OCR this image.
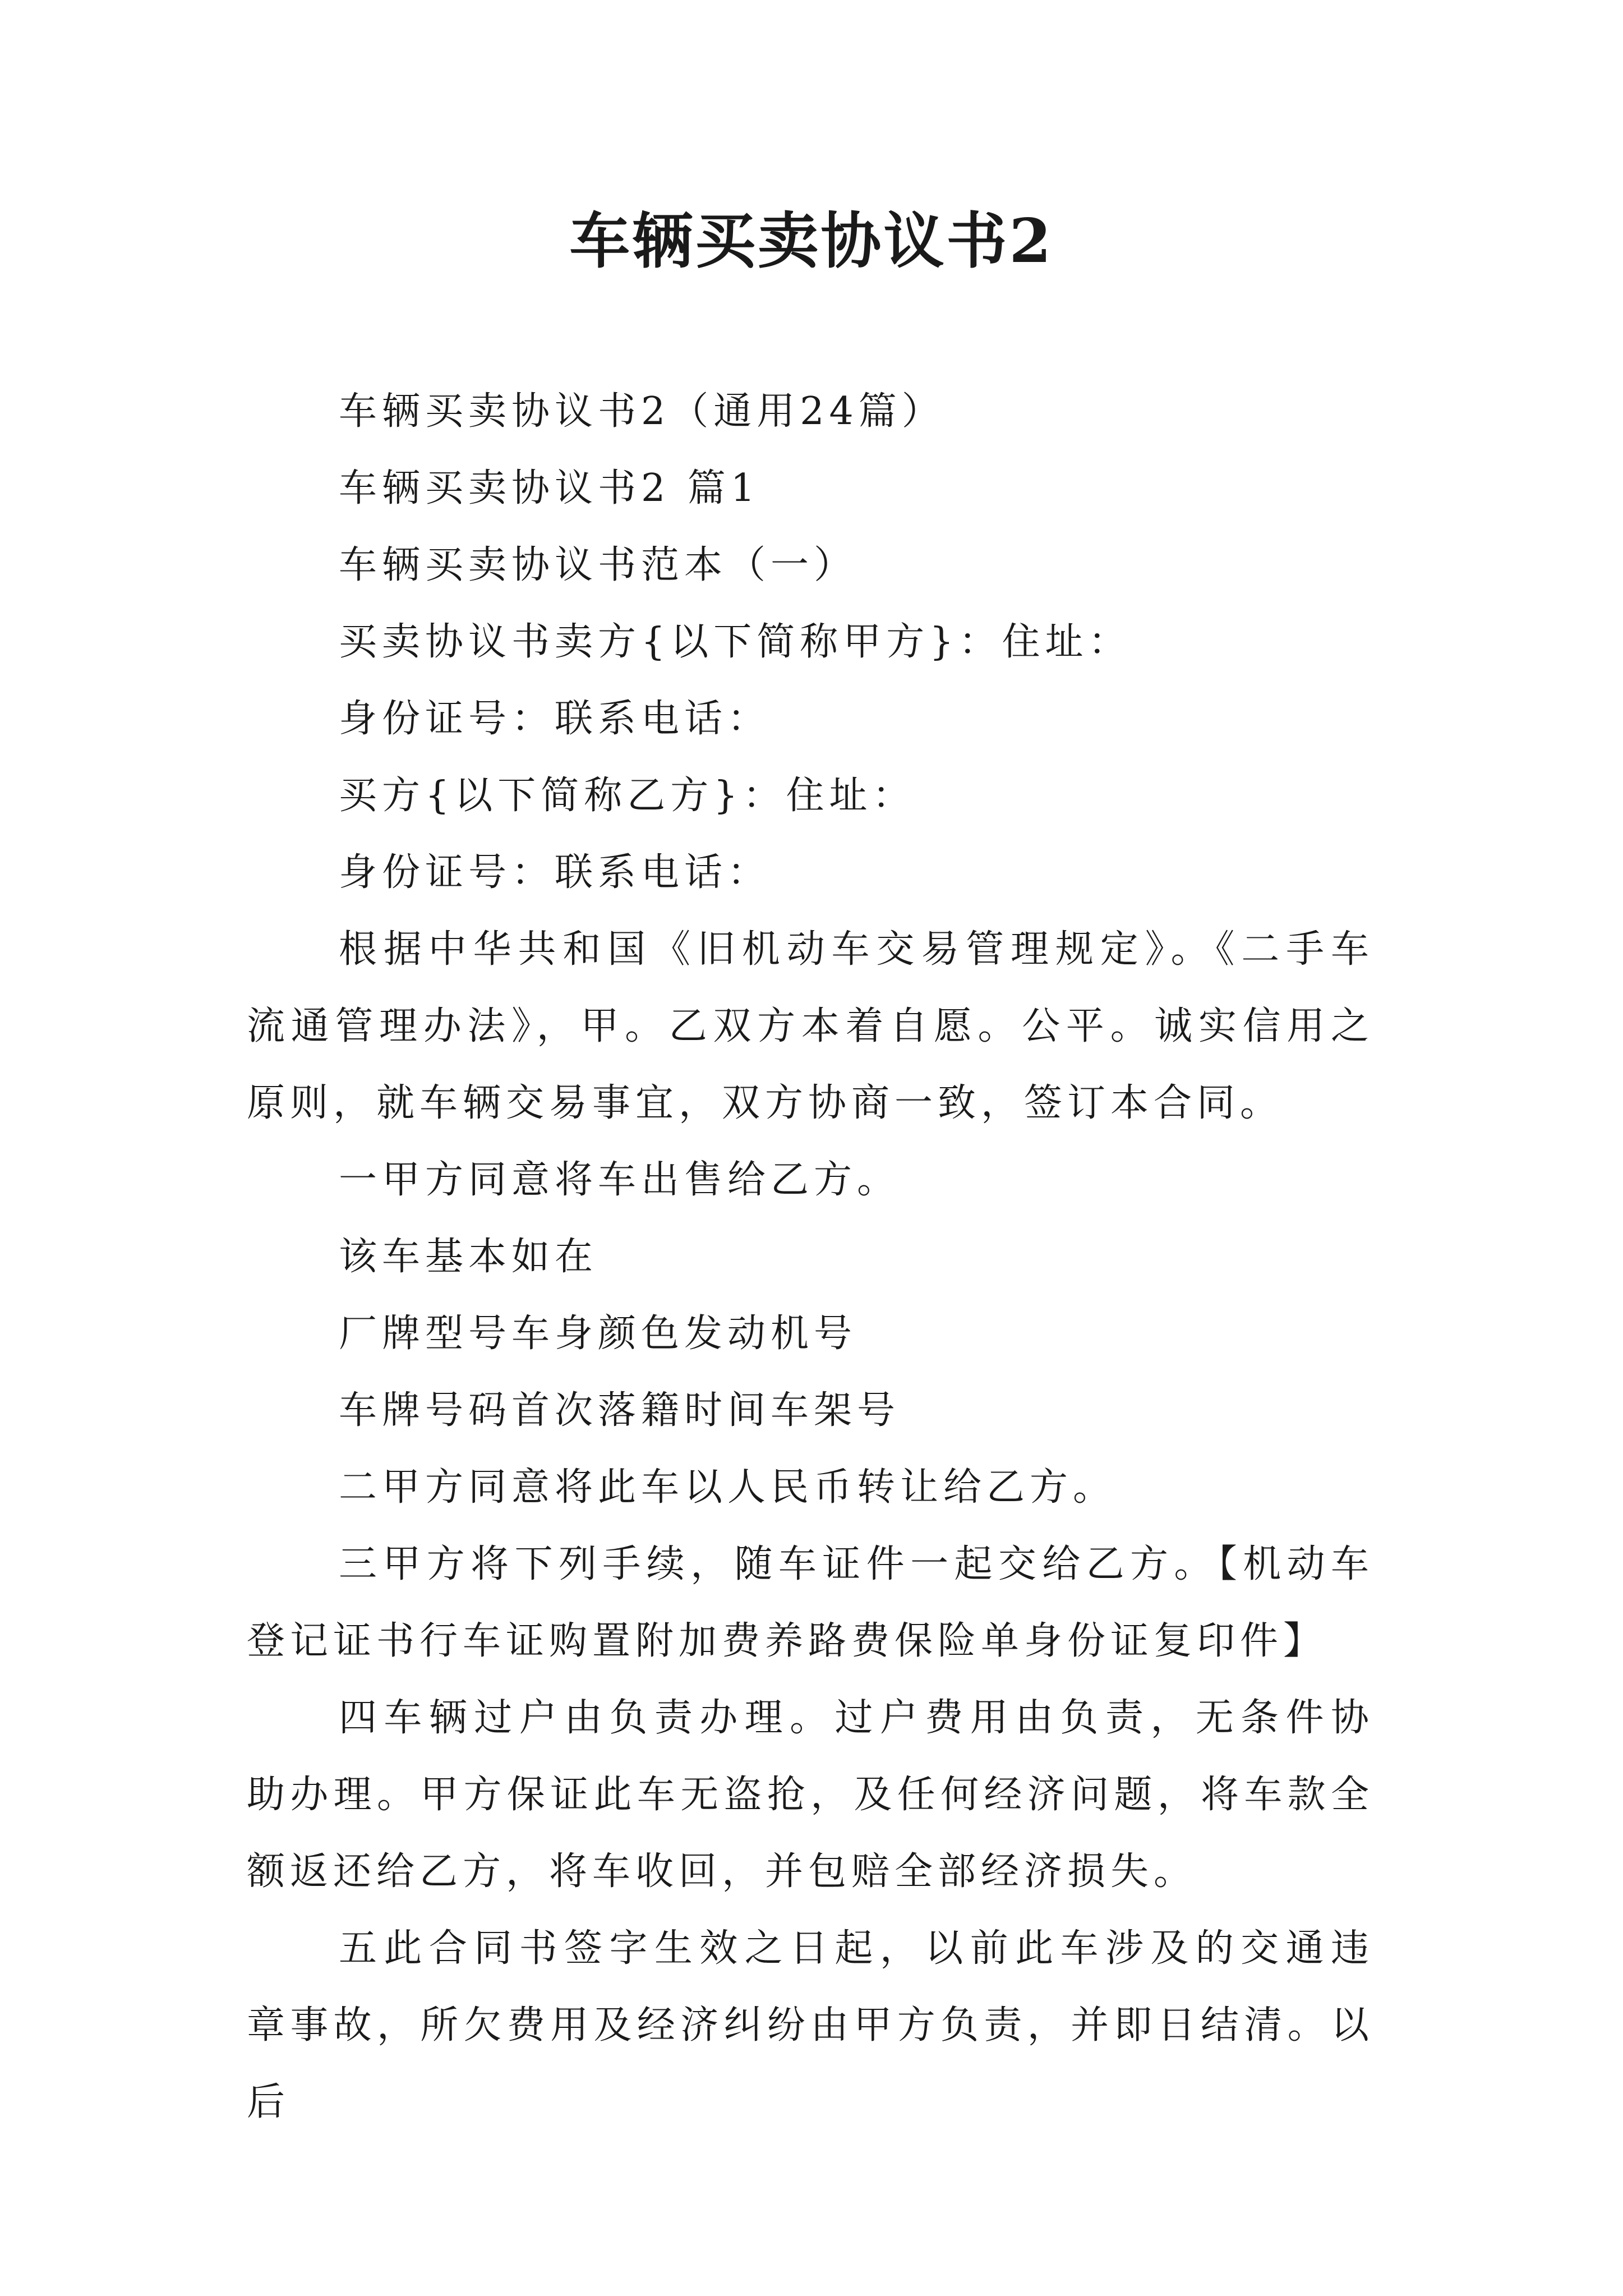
车辆买卖协议书2

车辆买卖协议书2（通用24篇）

车辆买卖协议书2 篇1

车辆买卖协议书范本（一）

买卖协议书卖方{以下简称甲方}：住址：

身份证号：联系电话：

买方{以下简称乙方}：住址：

身份证号：联系电话：

根据中华共和国《旧机动车交易管理规定》。《二手车流通管理办法》，甲。乙双方本着自愿。公平。诚实信用之原则，就车辆交易事宜，双方协商一致，签订本合同。

一甲方同意将车出售给乙方。

该车基本如在

厂牌型号车身颜色发动机号

车牌号码首次落籍时间车架号

二甲方同意将此车以人民币转让给乙方。

三甲方将下列手续，随车证件一起交给乙方。【机动车登记证书行车证购置附加费养路费保险单身份证复印件】

四车辆过户由负责办理。过户费用由负责，无条件协助办理。甲方保证此车无盗抢，及任何经济问题，将车款全额返还给乙方，将车收回，并包赔全部经济损失。

五此合同书签字生效之日起，以前此车涉及的交通违章事故，所欠费用及经济纠纷由甲方负责，并即日结清。以后
